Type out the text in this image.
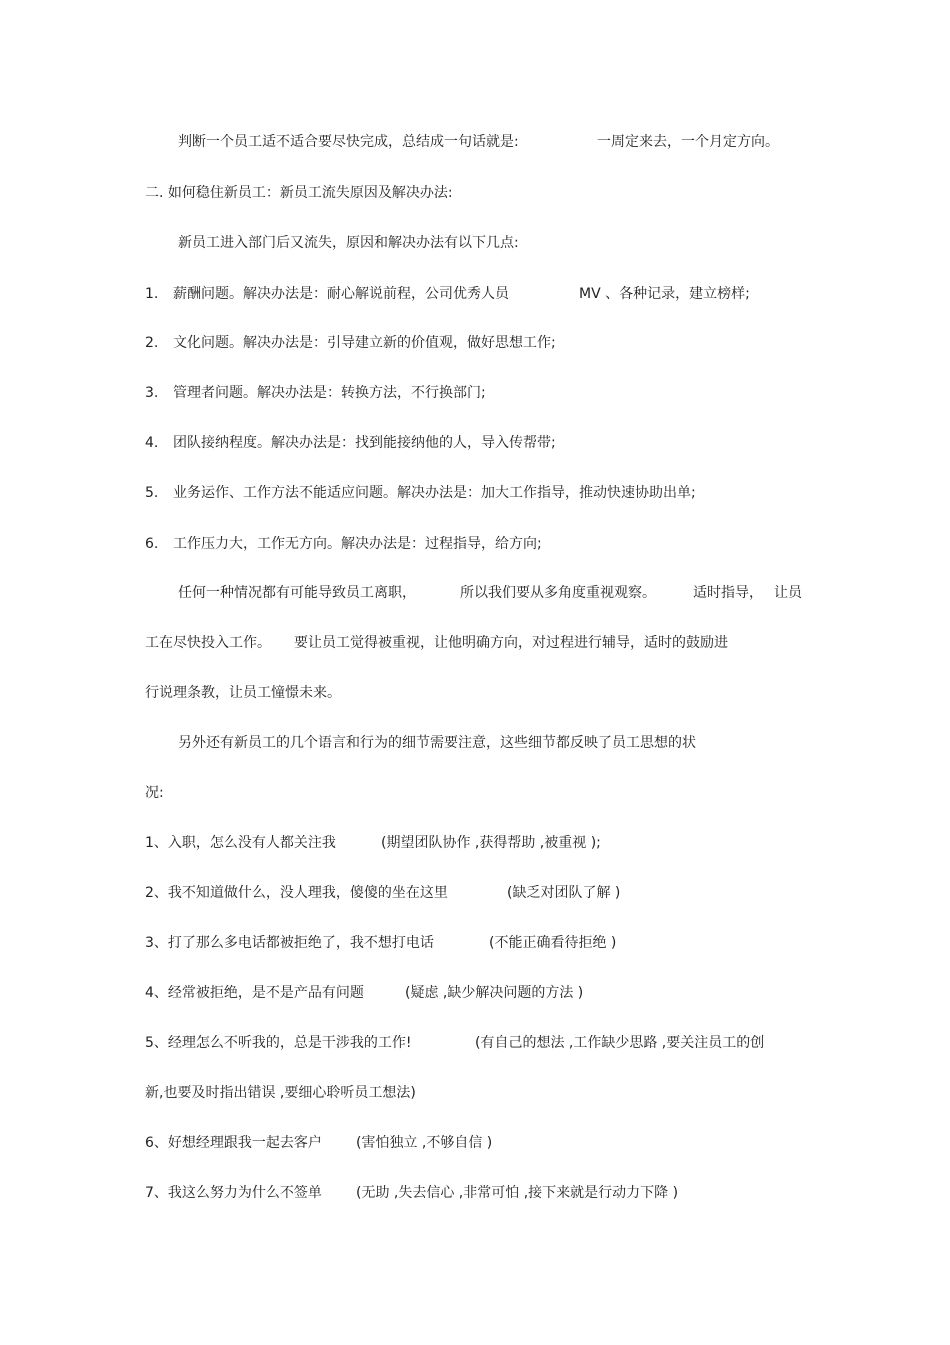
判断一个员工适不适合要尽快完成，总结成一句话就是:	一周定来去，一个月定方向。
二. 如何稳住新员工：新员工流失原因及解决办法:
新员工进入部门后又流失，原因和解决办法有以下几点:
1. 薪酬问题。解决办法是：耐心解说前程，公司优秀人员	MV 、各种记录，建立榜样;
2. 文化问题。解决办法是：引导建立新的价值观，做好思想工作;
3. 管理者问题。解决办法是：转换方法，不行换部门;
4. 团队接纳程度。解决办法是：找到能接纳他的人，导入传帮带;
5. 业务运作、工作方法不能适应问题。解决办法是：加大工作指导，推动快速协助出单;
6. 工作压力大，工作无方向。解决办法是：过程指导，给方向;
任何一种情况都有可能导致员工离职，	所以我们要从多角度重视观察。	适时指导， 让员
工在尽快投入工作。 要让员工觉得被重视，让他明确方向，对过程进行辅导，适时的鼓励进
行说理条教，让员工憧憬未来。
另外还有新员工的几个语言和行为的细节需要注意，这些细节都反映了员工思想的状
况:
1、入职，怎么没有人都关注我	(期望团队协作 ,获得帮助 ,被重视 );
2、我不知道做什么，没人理我，傻傻的坐在这里	(缺乏对团队了解 )
3、打了那么多电话都被拒绝了，我不想打电话	(不能正确看待拒绝 )
4、经常被拒绝，是不是产品有问题	(疑虑 ,缺少解决问题的方法 )
5、经理怎么不听我的，总是干涉我的工作!	(有自己的想法 ,工作缺少思路 ,要关注员工的创
新,也要及时指出错误 ,要细心聆听员工想法)
6、好想经理跟我一起去客户 (害怕独立 ,不够自信 )
7、我这么努力为什么不签单 (无助 ,失去信心 ,非常可怕 ,接下来就是行动力下降 )
